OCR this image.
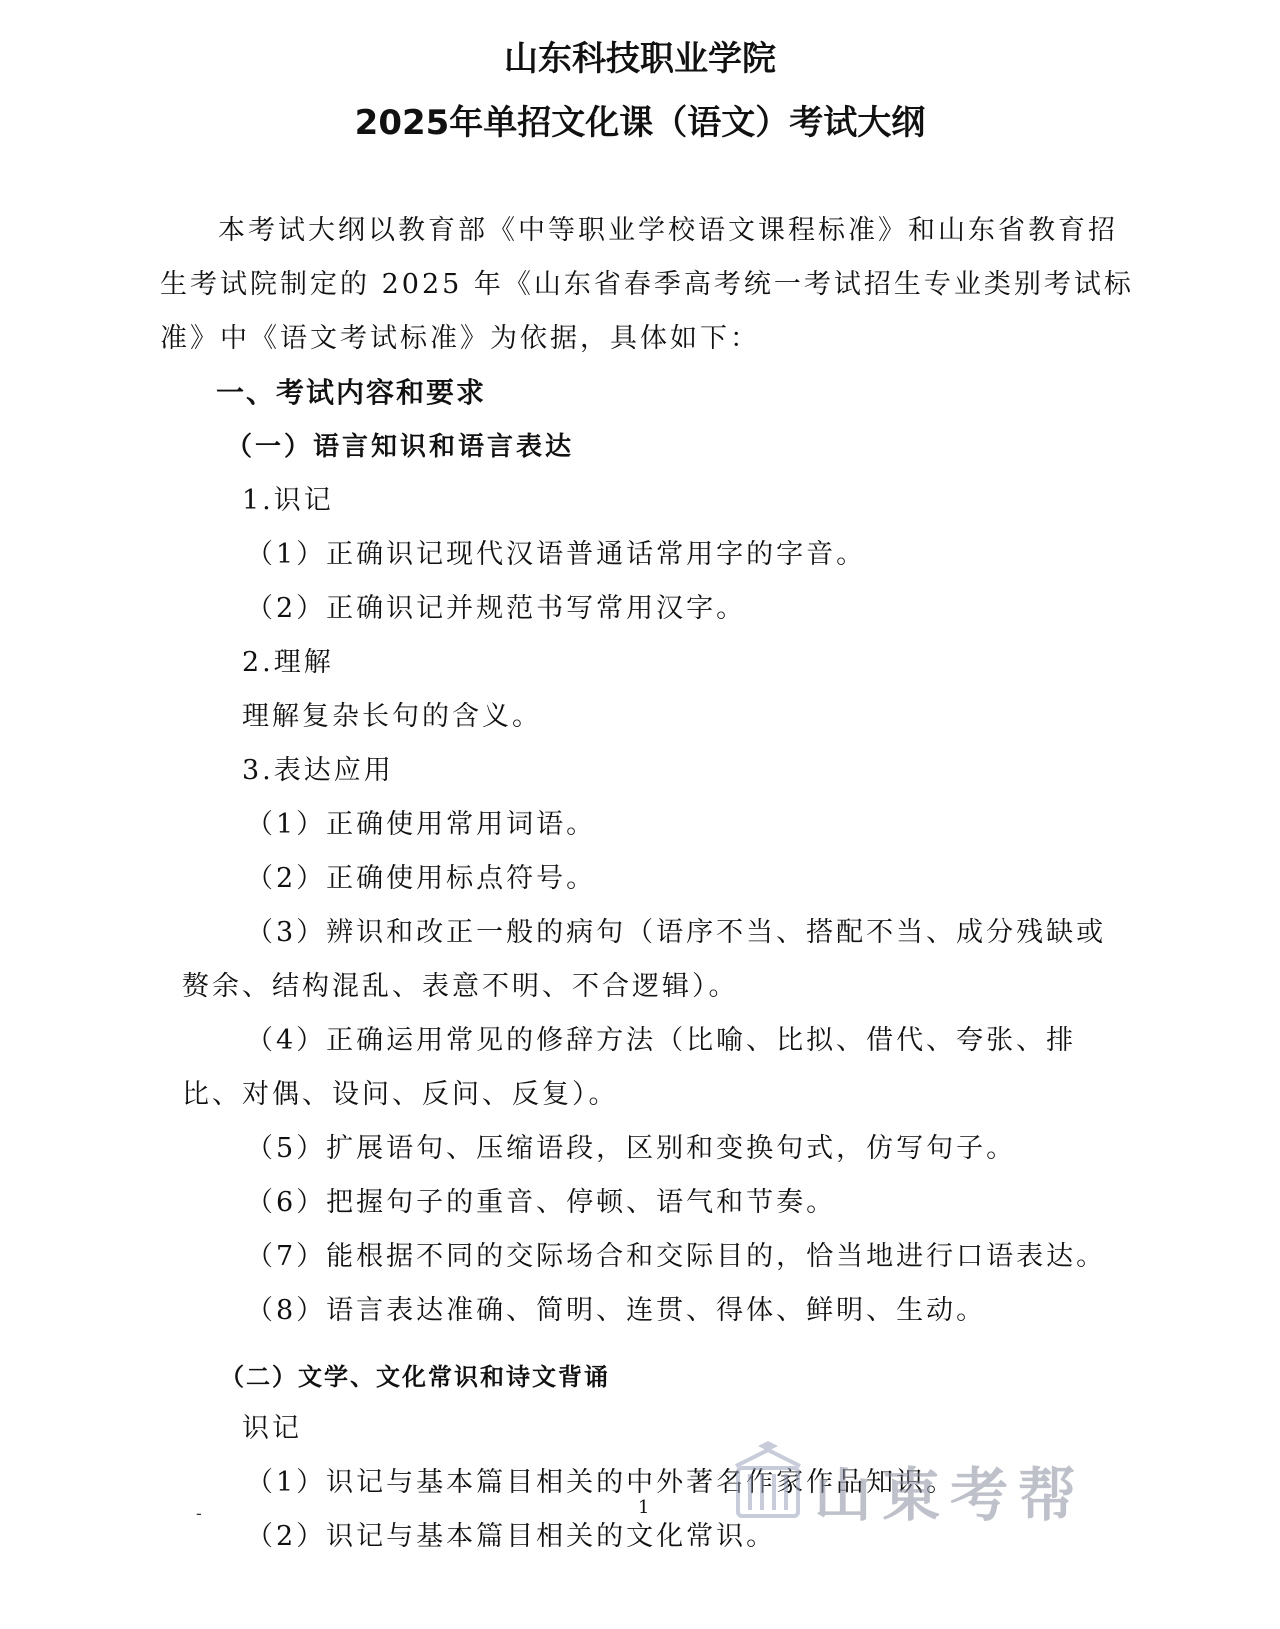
山东科技职业学院
2025年单招文化课（语文）考试大纲
本考试大纲以教育部《中等职业学校语文课程标准》和山东省教育招
生考试院制定的 2025 年《山东省春季高考统一考试招生专业类别考试标
准》中《语文考试标准》为依据，具体如下：
一、考试内容和要求
（一）语言知识和语言表达
1.识记
（1）正确识记现代汉语普通话常用字的字音。
（2）正确识记并规范书写常用汉字。
2.理解
理解复杂长句的含义。
3.表达应用
（1）正确使用常用词语。
（2）正确使用标点符号。
（3）辨识和改正一般的病句（语序不当、搭配不当、成分残缺或
赘余、结构混乱、表意不明、不合逻辑）。
（4）正确运用常见的修辞方法（比喻、比拟、借代、夸张、排
比、对偶、设问、反问、反复）。
（5）扩展语句、压缩语段，区别和变换句式，仿写句子。
（6）把握句子的重音、停顿、语气和节奏。
（7）能根据不同的交际场合和交际目的，恰当地进行口语表达。
（8）语言表达准确、简明、连贯、得体、鲜明、生动。
（二）文学、文化常识和诗文背诵
识记
（1）识记与基本篇目相关的中外著名作家作品知识。
（2）识记与基本篇目相关的文化常识。
-	1	山東考帮
